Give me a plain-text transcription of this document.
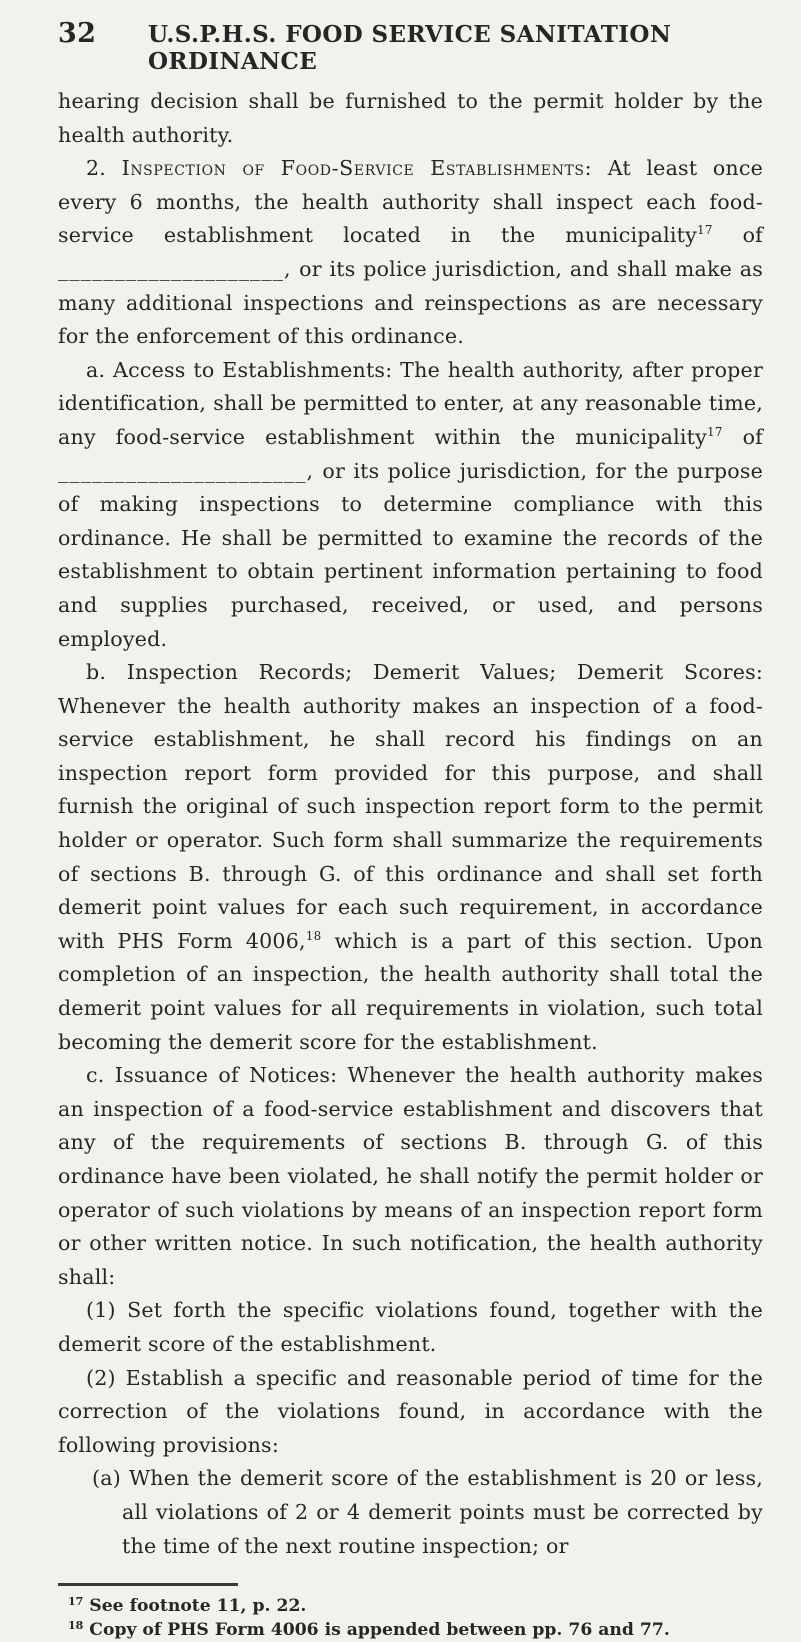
32	U.S.P.H.S. FOOD SERVICE SANITATION ORDINANCE

hearing decision shall be furnished to the permit holder by the health authority.

2. Inspection of Food-Service Establishments: At least once every 6 months, the health authority shall inspect each food-service establishment located in the municipality$^{17}$ of ____________________, or its police jurisdiction, and shall make as many additional inspections and reinspections as are necessary for the enforcement of this ordinance.

a. Access to Establishments: The health authority, after proper identification, shall be permitted to enter, at any reasonable time, any food-service establishment within the municipality$^{17}$ of ______________________, or its police jurisdiction, for the purpose of making inspections to determine compliance with this ordinance. He shall be permitted to examine the records of the establishment to obtain pertinent information pertaining to food and supplies purchased, received, or used, and persons employed.

b. Inspection Records; Demerit Values; Demerit Scores: Whenever the health authority makes an inspection of a food-service establishment, he shall record his findings on an inspection report form provided for this purpose, and shall furnish the original of such inspection report form to the permit holder or operator. Such form shall summarize the requirements of sections B. through G. of this ordinance and shall set forth demerit point values for each such requirement, in accordance with PHS Form 4006,18 which is a part of this section. Upon completion of an inspection, the health authority shall total the demerit point values for all requirements in violation, such total becoming the demerit score for the establishment.

c. Issuance of Notices: Whenever the health authority makes an inspection of a food-service establishment and discovers that any of the requirements of sections B. through G. of this ordinance have been violated, he shall notify the permit holder or operator of such violations by means of an inspection report form or other written notice. In such notification, the health authority shall:

(1) Set forth the specific violations found, together with the demerit score of the establishment.

(2) Establish a specific and reasonable period of time for the correction of the violations found, in accordance with the following provisions:

(a) When the demerit score of the establishment is 20 or less, all violations of 2 or 4 demerit points must be corrected by the time of the next routine inspection; or

$^{17}$ See footnote 11, p. 22.

$^{18}$ Copy of PHS Form 4006 is appended between pp. 76 and 77.
